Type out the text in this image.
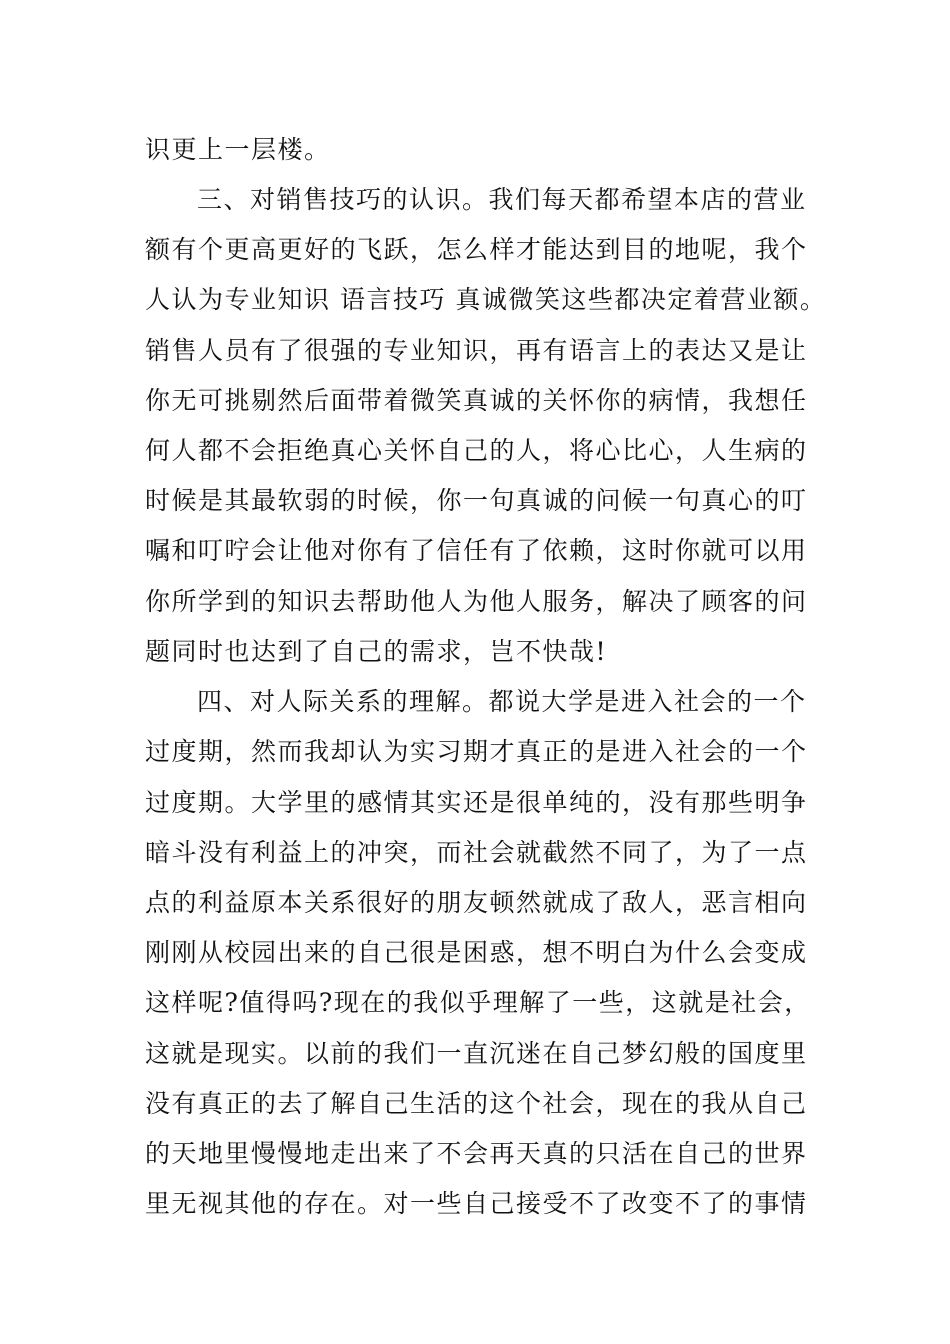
识更上一层楼。
三、对销售技巧的认识。我们每天都希望本店的营业
额有个更高更好的飞跃，怎么样才能达到目的地呢，我个
人认为专业知识 语言技巧 真诚微笑这些都决定着营业额。
销售人员有了很强的专业知识，再有语言上的表达又是让
你无可挑剔然后面带着微笑真诚的关怀你的病情，我想任
何人都不会拒绝真心关怀自己的人，将心比心，人生病的
时候是其最软弱的时候，你一句真诚的问候一句真心的叮
嘱和叮咛会让他对你有了信任有了依赖，这时你就可以用
你所学到的知识去帮助他人为他人服务，解决了顾客的问
题同时也达到了自己的需求，岂不快哉!
四、对人际关系的理解。都说大学是进入社会的一个
过度期，然而我却认为实习期才真正的是进入社会的一个
过度期。大学里的感情其实还是很单纯的，没有那些明争
暗斗没有利益上的冲突，而社会就截然不同了，为了一点
点的利益原本关系很好的朋友顿然就成了敌人，恶言相向
刚刚从校园出来的自己很是困惑，想不明白为什么会变成
这样呢?值得吗?现在的我似乎理解了一些，这就是社会，
这就是现实。以前的我们一直沉迷在自己梦幻般的国度里
没有真正的去了解自己生活的这个社会，现在的我从自己
的天地里慢慢地走出来了不会再天真的只活在自己的世界
里无视其他的存在。对一些自己接受不了改变不了的事情
